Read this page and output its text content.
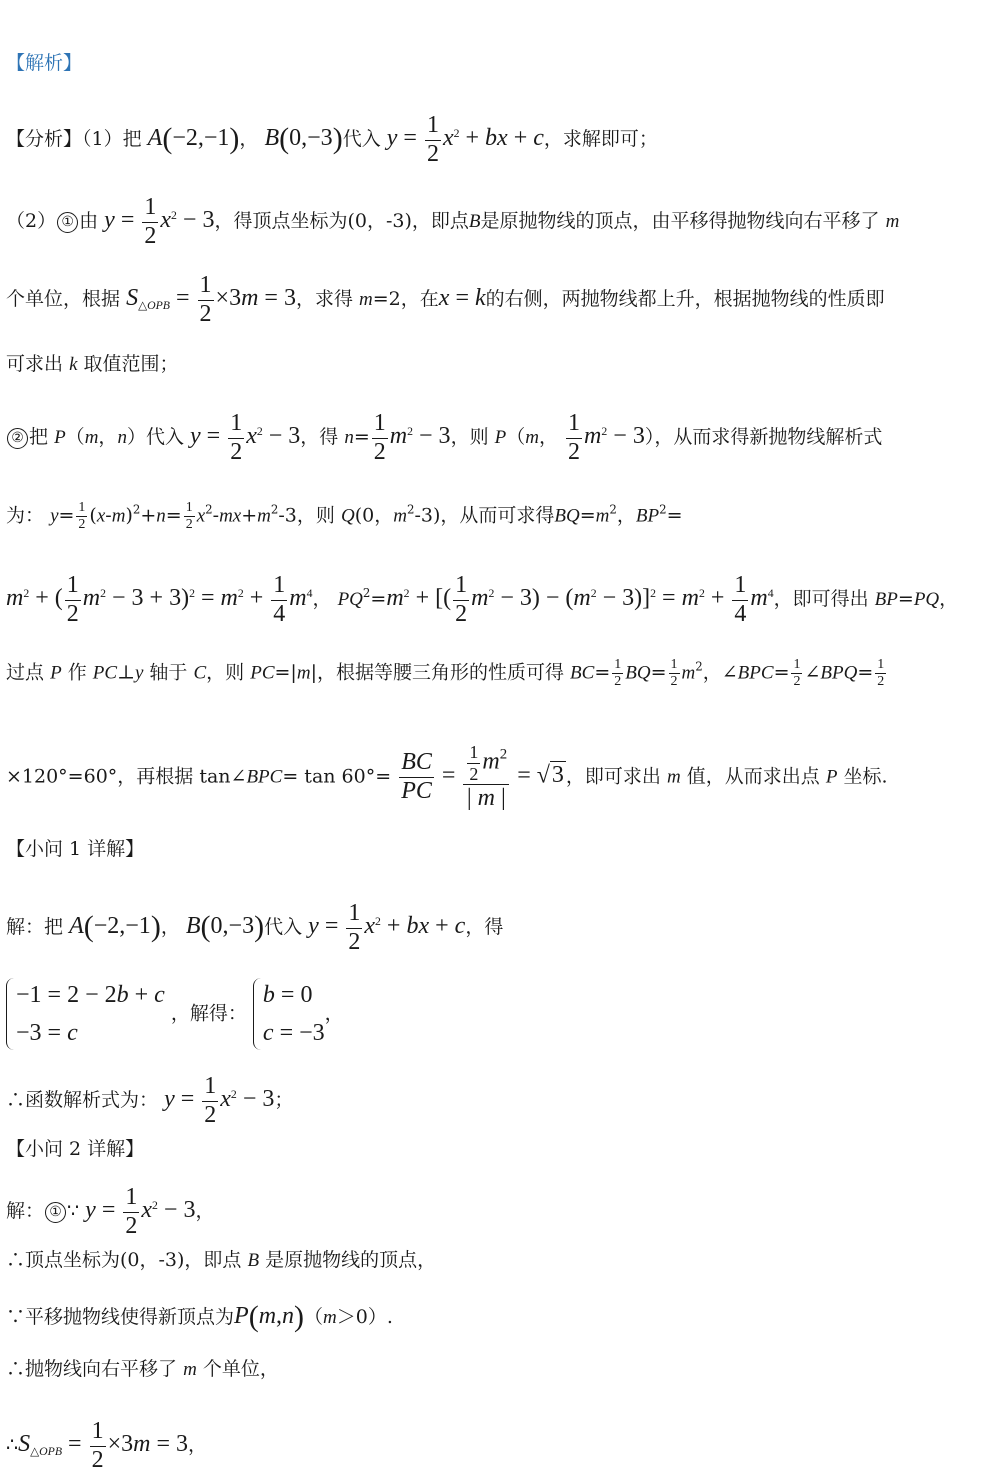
【解析】
【分析】（1）把 A(−2,−1)， B(0,−3)代入 $y = \frac{1}{2} x^2$ + bx + c，求解即可；
（2） ① 由 $y = \frac{1}{2} x^2 - 3$，得顶点坐标为(0，-3)，即点B是原抛物线的顶点，由平移得抛物线向右平移了 m
个单位，根据 $S_{\triangle OPB} = \frac{1}{2} \times 3m = 3$，求得 m=2，在x = k的右侧，两抛物线都上升，根据抛物线的性质即
可求出 k 取值范围；
② 把 P（m，n）代入 $y = \frac{1}{2} x^2 - 3$，得 $n= \frac{1}{2} m^2 - 3$，则 P（m， $\frac{1}{2} m^2 - 3$），从而求得新抛物线解析式
为： $y= \frac{1}{2} (x-m)^2+n= \frac{1}{2} x^2-mx+m^2-3$，则 Q(0，$m^2-3$)，从而可求得$BQ=m^2$，$BP^2=$
$m^2$ + ( $\frac{1}{2} m^2 - 3 + 3)^2 = m^2 + \frac{1}{4} m^4$， $PQ^2=m^2$ + [( $\frac{1}{2} m^2 - 3) - (m^2 - 3)]^2 = m^2 + \frac{1}{4} m^4$，即可得出 BP=PQ，
过点 P 作 PC⊥y 轴于 C，则 PC=|m|，根据等腰三角形的性质可得 $BC= \frac{1}{2} BQ= \frac{1}{2} m^2$，∠BPC= $\frac{1}{2}$ ∠BPQ= $\frac{1}{2}$
×120°=60°，再根据 tan∠BPC= $\tan 60^\circ= \frac{BC}{PC} = \frac{\frac{1}{2} m^2}{| m |} = √3$ ，即可求出 m 值，从而求出点 P 坐标.
【小问 1 详解】
解：把 A(−2,−1)， B(0,−3)代入 $y = \frac{1}{2} x^2$ + bx + c，得
−1 = 2 − 2b + c
−3 = c
，解得：
b = 0
c = −3
，
∴函数解析式为： $y = \frac{1}{2} x^2 - 3$；
【小问 2 详解】
解： ① ∵ $y = \frac{1}{2} x^2 - 3$，
∴顶点坐标为(0，-3)，即点 B 是原抛物线的顶点，
∵平移抛物线使得新顶点为P(m,n)（m＞0）.
∴抛物线向右平移了 m 个单位，
$\therefore S_{\triangle OPB} = \frac{1}{2} \times 3m = 3$，
